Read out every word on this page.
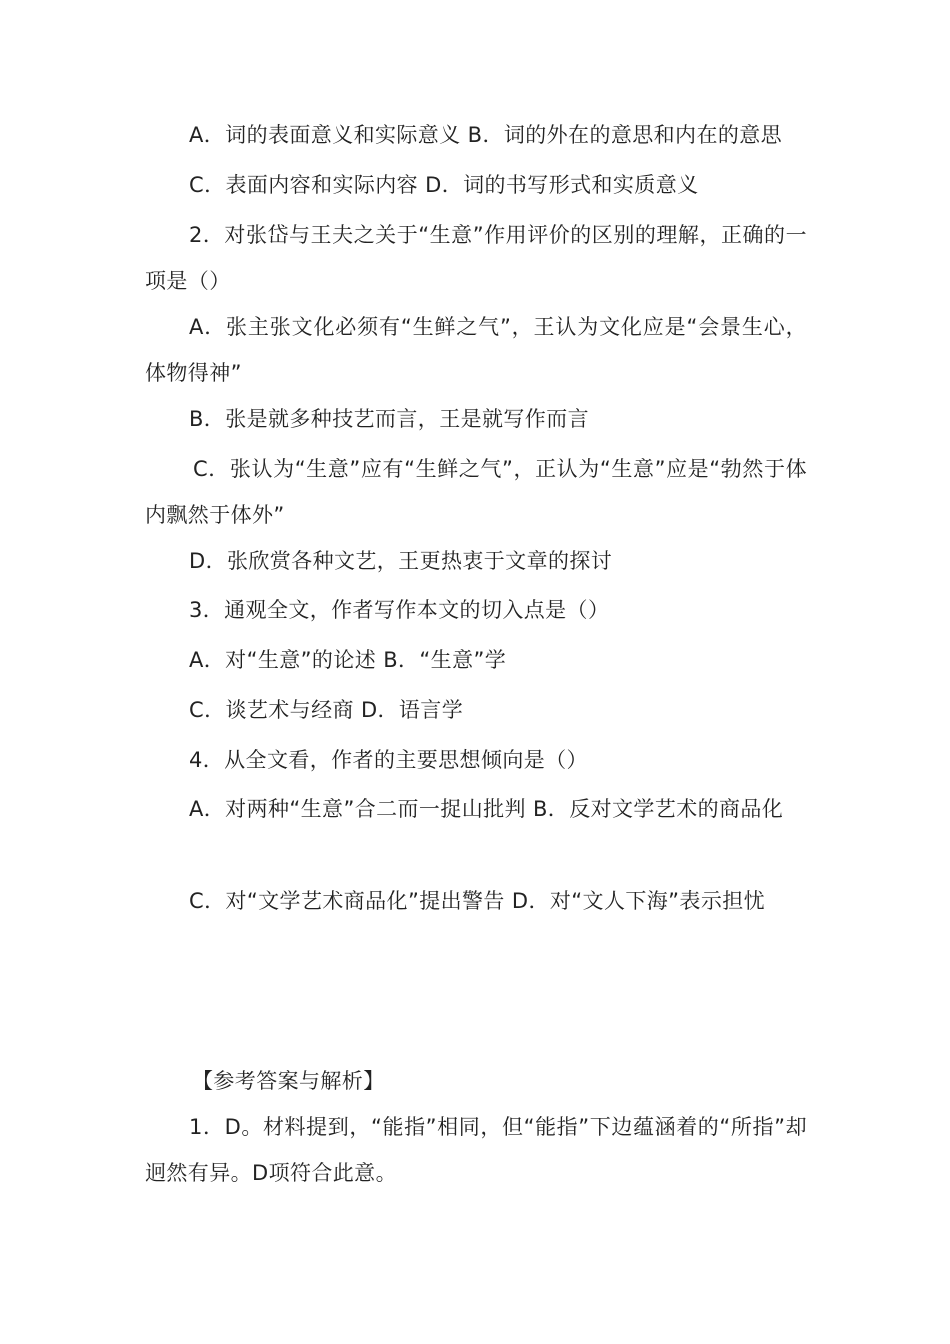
A．词的表面意义和实际意义 B．词的外在的意思和内在的意思

C．表面内容和实际内容 D．词的书写形式和实质意义

2．对张岱与王夫之关于“生意”作用评价的区别的理解，正确的一项是（）

A．张主张文化必须有“生鲜之气”，王认为文化应是“会景生心，体物得神”

B．张是就多种技艺而言，王是就写作而言

C．张认为“生意”应有“生鲜之气”，正认为“生意”应是“勃然于体内飘然于体外”

D．张欣赏各种文艺，王更热衷于文章的探讨

3．通观全文，作者写作本文的切入点是（）

A．对“生意”的论述 B．“生意”学

C．谈艺术与经商 D．语言学

4．从全文看，作者的主要思想倾向是（）

A．对两种“生意”合二而一捉山批判 B．反对文学艺术的商品化

C．对“文学艺术商品化”提出警告 D．对“文人下海”表示担忧

【参考答案与解析】

1．D。材料提到，“能指”相同，但“能指”下边蕴涵着的“所指”却迥然有异。D项符合此意。
